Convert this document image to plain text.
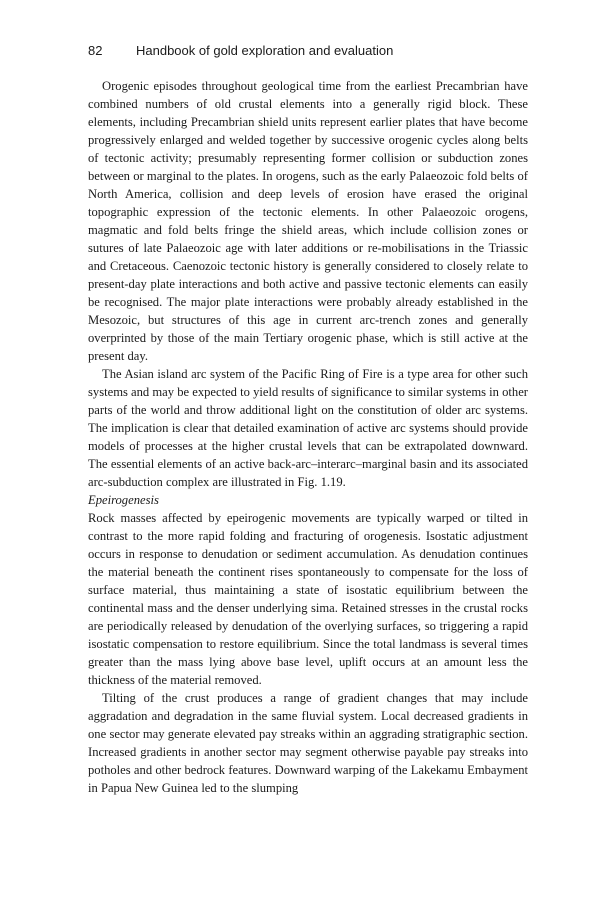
82	Handbook of gold exploration and evaluation

Orogenic episodes throughout geological time from the earliest Precambrian have combined numbers of old crustal elements into a generally rigid block. These elements, including Precambrian shield units represent earlier plates that have become progressively enlarged and welded together by successive orogenic cycles along belts of tectonic activity; presumably representing former collision or subduction zones between or marginal to the plates. In orogens, such as the early Palaeozoic fold belts of North America, collision and deep levels of erosion have erased the original topographic expression of the tectonic elements. In other Palaeozoic orogens, magmatic and fold belts fringe the shield areas, which include collision zones or sutures of late Palaeozoic age with later additions or re-mobilisations in the Triassic and Cretaceous. Caenozoic tectonic history is generally considered to closely relate to present-day plate interactions and both active and passive tectonic elements can easily be recognised. The major plate interactions were probably already established in the Mesozoic, but structures of this age in current arc-trench zones and generally overprinted by those of the main Tertiary orogenic phase, which is still active at the present day.

The Asian island arc system of the Pacific Ring of Fire is a type area for other such systems and may be expected to yield results of significance to similar systems in other parts of the world and throw additional light on the constitution of older arc systems. The implication is clear that detailed examination of active arc systems should provide models of processes at the higher crustal levels that can be extrapolated downward. The essential elements of an active back-arc–interarc–marginal basin and its associated arc-subduction complex are illustrated in Fig. 1.19.

Epeirogenesis

Rock masses affected by epeirogenic movements are typically warped or tilted in contrast to the more rapid folding and fracturing of orogenesis. Isostatic adjustment occurs in response to denudation or sediment accumulation. As denudation continues the material beneath the continent rises spontaneously to compensate for the loss of surface material, thus maintaining a state of isostatic equilibrium between the continental mass and the denser underlying sima. Retained stresses in the crustal rocks are periodically released by denudation of the overlying surfaces, so triggering a rapid isostatic compensation to restore equilibrium. Since the total landmass is several times greater than the mass lying above base level, uplift occurs at an amount less the thickness of the material removed.

Tilting of the crust produces a range of gradient changes that may include aggradation and degradation in the same fluvial system. Local decreased gradients in one sector may generate elevated pay streaks within an aggrading stratigraphic section. Increased gradients in another sector may segment otherwise payable pay streaks into potholes and other bedrock features. Downward warping of the Lakekamu Embayment in Papua New Guinea led to the slumping
